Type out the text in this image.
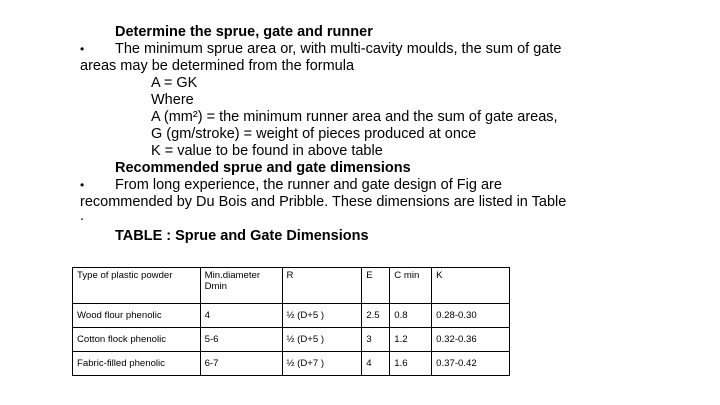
Determine the sprue, gate and runner
• The minimum sprue area or, with multi-cavity moulds, the sum of gate
areas may be determined from the formula
A = GK
Where
A (mm²) = the minimum runner area and the sum of gate areas,
G (gm/stroke) = weight of pieces produced at once
K = value to be found in above table
Recommended sprue and gate dimensions
• From long experience, the runner and gate design of Fig are
recommended by Du Bois and Pribble. These dimensions are listed in Table
.
TABLE : Sprue and Gate Dimensions
Type of plastic powder	Min.diameter Dmin	R	E	C min	K
Wood flour phenolic	4	½ (D+5 )	2.5	0.8	0.28-0.30
Cotton flock phenolic	5-6	½ (D+5 )	3	1.2	0.32-0.36
Fabric-filled phenolic	6-7	½ (D+7 )	4	1.6	0.37-0.42
